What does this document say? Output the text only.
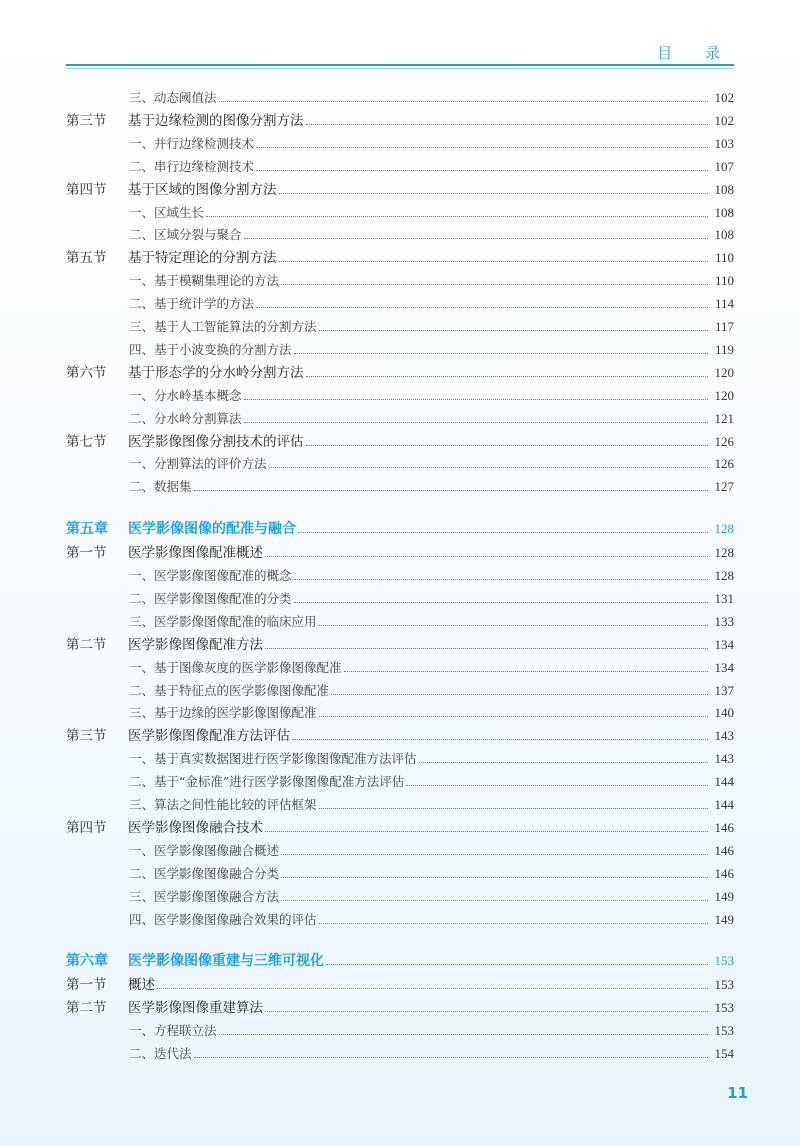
目 录
三、动态阈值法	102
第三节	基于边缘检测的图像分割方法	102
一、并行边缘检测技术	103
二、串行边缘检测技术	107
第四节	基于区域的图像分割方法	108
一、区域生长	108
二、区域分裂与聚合	108
第五节	基于特定理论的分割方法	110
一、基于模糊集理论的方法	110
二、基于统计学的方法	114
三、基于人工智能算法的分割方法	117
四、基于小波变换的分割方法	119
第六节	基于形态学的分水岭分割方法	120
一、分水岭基本概念	120
二、分水岭分割算法	121
第七节	医学影像图像分割技术的评估	126
一、分割算法的评价方法	126
二、数据集	127
第五章	医学影像图像的配准与融合	128
第一节	医学影像图像配准概述	128
一、医学影像图像配准的概念	128
二、医学影像图像配准的分类	131
三、医学影像图像配准的临床应用	133
第二节	医学影像图像配准方法	134
一、基于图像灰度的医学影像图像配准	134
二、基于特征点的医学影像图像配准	137
三、基于边缘的医学影像图像配准	140
第三节	医学影像图像配准方法评估	143
一、基于真实数据图进行医学影像图像配准方法评估	143
二、基于“金标准”进行医学影像图像配准方法评估	144
三、算法之间性能比较的评估框架	144
第四节	医学影像图像融合技术	146
一、医学影像图像融合概述	146
二、医学影像图像融合分类	146
三、医学影像图像融合方法	149
四、医学影像图像融合效果的评估	149
第六章	医学影像图像重建与三维可视化	153
第一节	概述	153
第二节	医学影像图像重建算法	153
一、方程联立法	153
二、迭代法	154
11
